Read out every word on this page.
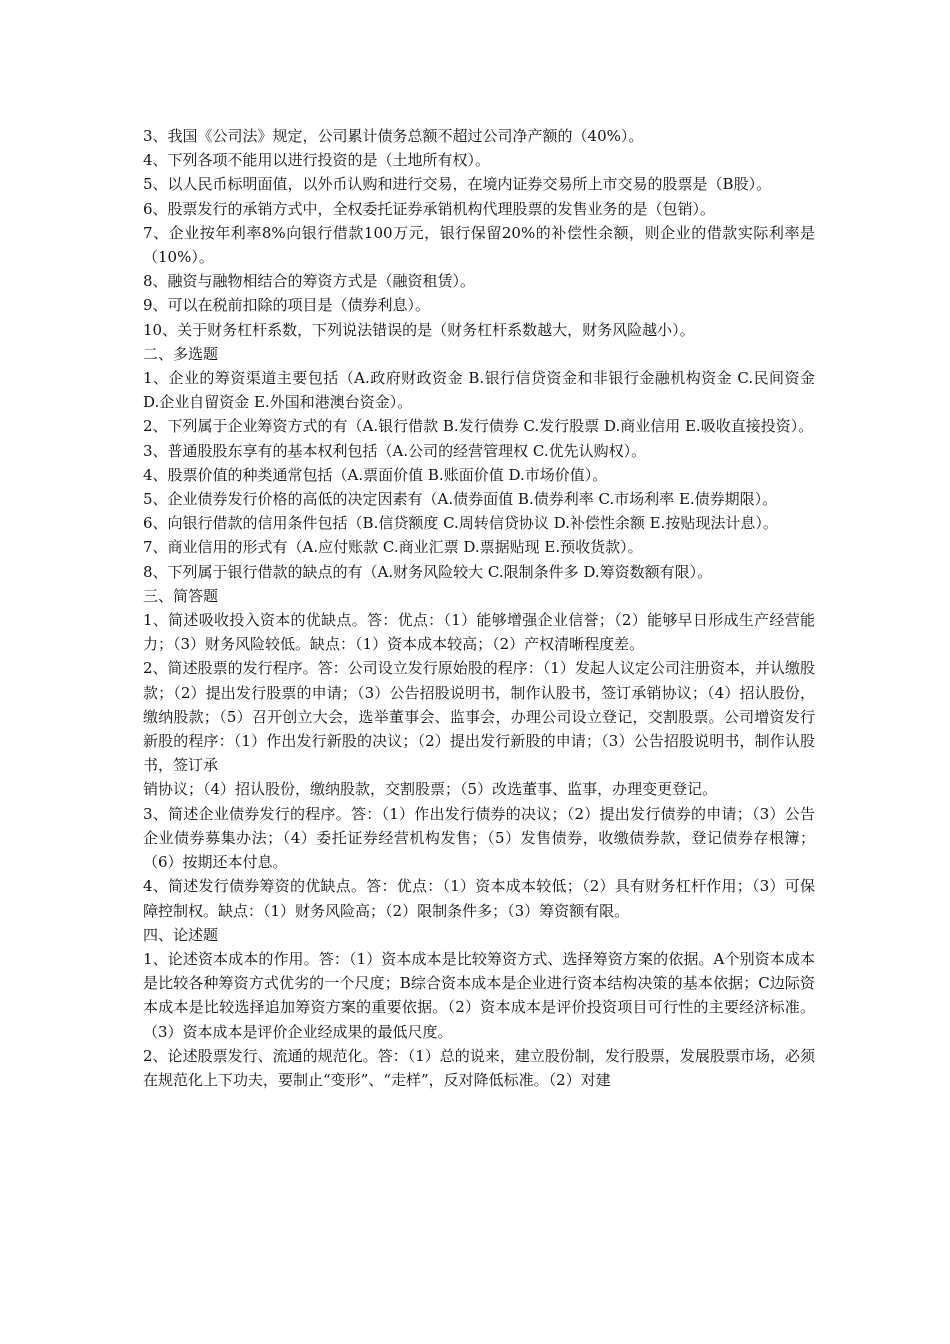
3、我国《公司法》规定，公司累计债务总额不超过公司净产额的（40%）。

4、下列各项不能用以进行投资的是（土地所有权）。

5、以人民币标明面值，以外币认购和进行交易，在境内证券交易所上市交易的股票是（B股）。

6、股票发行的承销方式中，全权委托证券承销机构代理股票的发售业务的是（包销）。

7、企业按年利率8%向银行借款100万元，银行保留20%的补偿性余额，则企业的借款实际利率是（10%）。

8、融资与融物相结合的筹资方式是（融资租赁）。

9、可以在税前扣除的项目是（债券利息）。

10、关于财务杠杆系数，下列说法错误的是（财务杠杆系数越大，财务风险越小）。

二、多选题

1、企业的筹资渠道主要包括（A.政府财政资金 B.银行信贷资金和非银行金融机构资金 C.民间资金 D.企业自留资金 E.外国和港澳台资金）。

2、下列属于企业筹资方式的有（A.银行借款 B.发行债券 C.发行股票 D.商业信用 E.吸收直接投资）。

3、普通股股东享有的基本权利包括（A.公司的经营管理权 C.优先认购权）。

4、股票价值的种类通常包括（A.票面价值 B.账面价值 D.市场价值）。

5、企业债券发行价格的高低的决定因素有（A.债券面值 B.债券利率 C.市场利率 E.债券期限）。

6、向银行借款的信用条件包括（B.信贷额度 C.周转信贷协议 D.补偿性余额 E.按贴现法计息）。

7、商业信用的形式有（A.应付账款 C.商业汇票 D.票据贴现 E.预收货款）。

8、下列属于银行借款的缺点的有（A.财务风险较大 C.限制条件多 D.筹资数额有限）。

三、简答题

1、简述吸收投入资本的优缺点。答：优点：（1）能够增强企业信誉；（2）能够早日形成生产经营能力；（3）财务风险较低。缺点：（1）资本成本较高；（2）产权清晰程度差。

2、简述股票的发行程序。答：公司设立发行原始股的程序：（1）发起人议定公司注册资本，并认缴股款；（2）提出发行股票的申请；（3）公告招股说明书，制作认股书，签订承销协议；（4）招认股份，缴纳股款；（5）召开创立大会，选举董事会、监事会，办理公司设立登记，交割股票。公司增资发行新股的程序：（1）作出发行新股的决议；（2）提出发行新股的申请；（3）公告招股说明书，制作认股书，签订承

销协议；（4）招认股份，缴纳股款，交割股票；（5）改选董事、监事，办理变更登记。

3、简述企业债券发行的程序。答：（1）作出发行债券的决议；（2）提出发行债券的申请；（3）公告企业债券募集办法；（4）委托证券经营机构发售；（5）发售债券，收缴债券款，登记债券存根簿；（6）按期还本付息。

4、简述发行债券筹资的优缺点。答：优点：（1）资本成本较低；（2）具有财务杠杆作用；（3）可保障控制权。缺点：（1）财务风险高；（2）限制条件多；（3）筹资额有限。

四、论述题

1、论述资本成本的作用。答：（1）资本成本是比较筹资方式、选择筹资方案的依据。A个别资本成本是比较各种筹资方式优劣的一个尺度；B综合资本成本是企业进行资本结构决策的基本依据；C边际资本成本是比较选择追加筹资方案的重要依据。（2）资本成本是评价投资项目可行性的主要经济标准。（3）资本成本是评价企业经成果的最低尺度。

2、论述股票发行、流通的规范化。答：（1）总的说来，建立股份制，发行股票，发展股票市场，必须在规范化上下功夫，要制止“变形”、“走样”，反对降低标准。（2）对建
